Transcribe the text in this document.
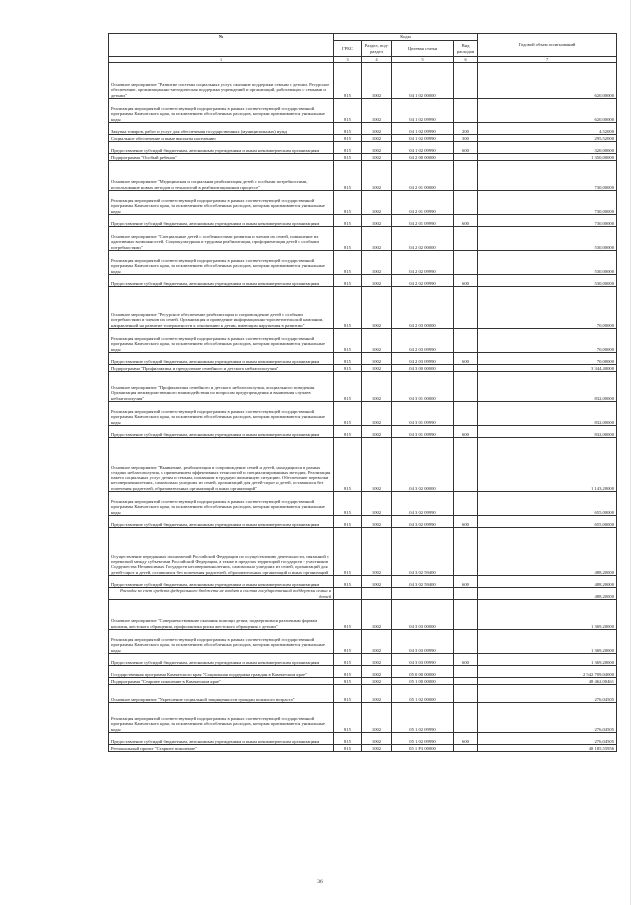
№	Коды				Годовой объем ассигнований
	ГРБС	Раздел, под-раздел	Целевая статья	Вид расходов	
1	3	4	5	6	7
Основное мероприятие "Развитие системы социальных услуг, оказание поддержки семьям с детьми. Ресурсное обеспечение, организационно-методическая поддержка учреждений и организаций, работающих с семьями и детьми"	815	1002	04 1 02 00000		620,00000
Реализация мероприятий соответствующей подпрограммы в рамках соответствующей государственной программы Камчатского края, за исключением обособленных расходов, которым присваиваются уникальные коды	815	1002	04 1 02 09990		620,00000
Закупка товаров, работ и услуг для обеспечения государственных (муниципальных) нужд	815	1002	04 1 02 09990	200	4,52000
Социальное обеспечение и иные выплаты населению	815	1002	04 1 02 09990	300	295,52000
Предоставление субсидий бюджетным, автономным учреждениям и иным некоммерческим организациям	815	1002	04 1 02 09990	600	320,00000
Подпрограмма "Особый ребенок"	815	1002	04 2 00 00000		1 350,00000
Основное мероприятие "Медицинская и социальная реабилитация детей с особыми потребностями, использование новых методов и технологий в реабилитационном процессе"	815	1002	04 2 01 00000		730,00000
Реализация мероприятий соответствующей подпрограммы в рамках соответствующей государственной программы Камчатского края, за исключением обособленных расходов, которым присваиваются уникальные коды	815	1002	04 2 01 09990		730,00000
Предоставление субсидий бюджетным, автономным учреждениям и иным некоммерческим организациям	815	1002	04 2 01 09990	600	730,00000
Основное мероприятие "Специальные детей с особенностями развития и членов их семей, повышение их адаптивных возможностей. Социокультурная и трудовая реабилитация, профориентация детей с особыми потребностями"	815	1002	04 2 02 00000		530,00000
Реализация мероприятий соответствующей подпрограммы в рамках соответствующей государственной программы Камчатского края, за исключением обособленных расходов, которым присваиваются уникальные коды	815	1002	04 2 02 09990		530,00000
Предоставление субсидий бюджетным, автономным учреждениям и иным некоммерческим организациям	815	1002	04 2 02 09990	600	530,00000
Основное мероприятие "Ресурсное обеспечение реабилитации и сопровождение детей с особыми потребностями и членов их семей. Организация и проведение информационно-просветительской кампании, направленной на развитие толерантности к отношению к детям, имеющим нарушения в развитии"	815	1002	04 2 03 00000		70,00000
Реализация мероприятий соответствующей подпрограммы в рамках соответствующей государственной программы Камчатского края, за исключением обособленных расходов, которым присваиваются уникальные коды	815	1002	04 2 03 09990		70,00000
Предоставление субсидий бюджетным, автономным учреждениям и иным некоммерческим организациям	815	1002	04 2 03 09990	600	70,00000
Подпрограмма "Профилактика и преодоление семейного и детского неблагополучия"	815	1002	04 3 00 00000		3 344,40000
Основное мероприятие "Профилактика семейного и детского неблагополучия, асоциального поведения. Организация межведомственного взаимодействия по вопросам предупреждения и выявления случаев неблагополучия"	815	1002	04 3 01 00000		832,00000
Реализация мероприятий соответствующей подпрограммы в рамках соответствующей государственной программы Камчатского края, за исключением обособленных расходов, которым присваиваются уникальные коды	815	1002	04 3 01 09990		832,00000
Предоставление субсидий бюджетным, автономным учреждениям и иным некоммерческим организациям	815	1002	04 3 01 09990	600	832,00000
Основное мероприятие "Выявление, реабилитация и сопровождение семей и детей, находящихся в разных стадиях неблагополучия, с применением эффективных технологий и специализированных методик. Реализация пакета социальных услуг детям и семьям, попавшим в трудную жизненную ситуацию. Обеспечение перевозки несовершеннолетних, самовольно ушедших из семей, организаций для детей-сирот и детей, оставшихся без попечения родителей, образовательных организаций и иных организаций"	815	1002	04 3 02 00000		1 143,20000
Реализация мероприятий соответствующей подпрограммы в рамках соответствующей государственной программы Камчатского края, за исключением обособленных расходов, которым присваиваются уникальные коды	815	1002	04 3 02 09990		655,00000
Предоставление субсидий бюджетным, автономным учреждениям и иным некоммерческим организациям	815	1002	04 3 02 09990	600	655,00000
Осуществление переданных полномочий Российской Федерации по осуществлению деятельности, связанной с перевозкой между субъектами Российской Федерации, а также в пределах территорий государств - участников Содружества Независимых Государств несовершеннолетних, самовольно ушедших из семей, организаций для детей-сирот и детей, оставшихся без попечения родителей, образовательных организаций и иных организаций	815	1002	04 3 02 59400		488,20000
Предоставление субсидий бюджетным, автономным учреждениям и иным некоммерческим организациям	815	1002	04 3 02 59400	600	488,20000
Расходы за счет средств федерального бюджета не входят в состав государственной поддержки семьи и детей					488,20000
Основное мероприятие "Совершенствование оказания помощи детям, подвергшимся различным формам насилия, жестокого обращения, профилактика риска жестокого обращения с детьми"	815	1002	04 3 03 00000		1 369,20000
Реализация мероприятий соответствующей подпрограммы в рамках соответствующей государственной программы Камчатского края, за исключением обособленных расходов, которым присваиваются уникальные коды	815	1002	04 3 03 09990		1 369,20000
Предоставление субсидий бюджетным, автономным учреждениям и иным некоммерческим организациям	815	1002	04 3 03 09990	600	1 369,20000
Государственная программа Камчатского края "Социальная поддержка граждан в Камчатском крае"	815	1002	05 0 00 00000		2 542 709,04000
Подпрограмма "Старшее поколение в Камчатском крае"	815	1002	05 1 00 00000		48 462,00461
Основное мероприятие "Укрепление социальной защищенности граждан пожилого возраста"	815	1002	05 1 02 00000		276,04505
Реализация мероприятий соответствующей подпрограммы в рамках соответствующей государственной программы Камчатского края, за исключением обособленных расходов, которым присваиваются уникальные коды	815	1002	05 1 02 09990		276,04505
Предоставление субсидий бюджетным, автономным учреждениям и иным некоммерческим организациям	815	1002	05 1 02 09990	600	276,04505
Региональный проект "Старшее поколение"	815	1002	05 1 P3 00000		48 185,55956
36
